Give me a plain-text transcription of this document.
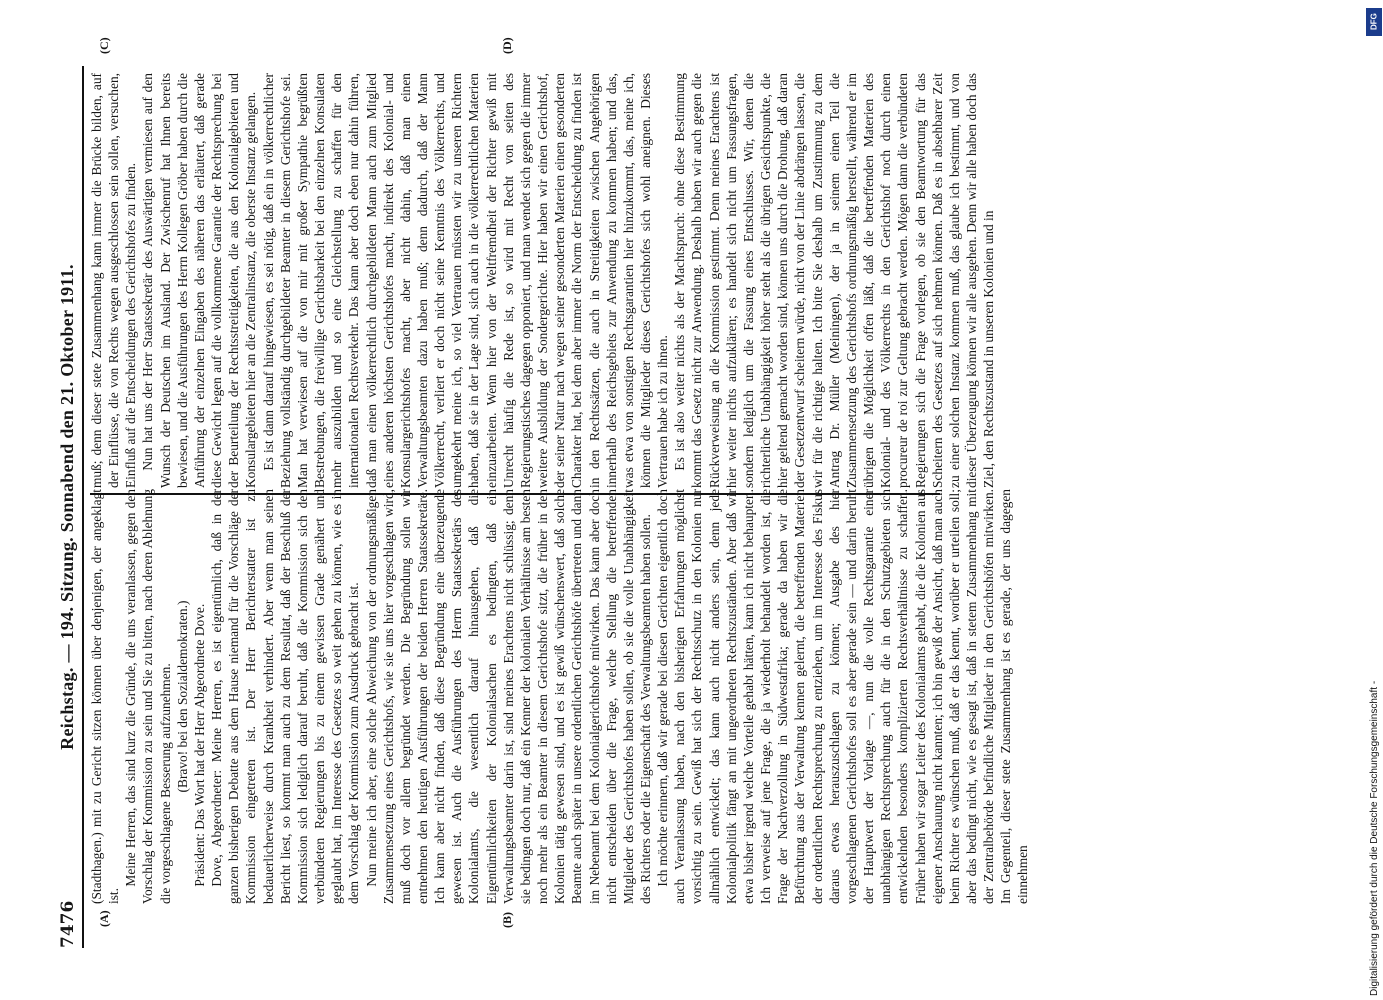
7476
Reichstag. — 194. Sitzung. Sonnabend den 21. Oktober 1911.
(A)	(B)
(C)	(D)

(Stadthagen.) mit zu Gericht sitzen können über denjenigen, der angeklagt ist.

Meine Herren, das sind kurz die Gründe, die uns veranlassen, gegen den Vorschlag der Kommission zu sein und Sie zu bitten, nach deren Ablehnung die vorgeschlagene Besserung aufzunehmen. (Bravo! bei den Sozialdemokraten.) Präsident: Das Wort hat der Herr Abgeordnete Dove. Dove, Abgeordneter: Meine Herren, es ist eigentümlich, daß in der ganzen bisherigen Debatte aus dem Hause niemand für die Vorschläge der Kommission eingetreten ist. Der Herr Berichterstatter ist zu bedauerlicherweise durch Krankheit verhindert. Aber wenn man seinen Bericht liest, so kommt man auch zu dem Resultat, daß der Beschluß der Kommission sich lediglich darauf beruht, daß die Kommission sich den verbündeten Regierungen bis zu einem gewissen Grade genähert und geglaubt hat, im Interesse des Gesetzes so weit gehen zu können, wie es in dem Vorschlag der Kommission zum Ausdruck gebracht ist. Nun meine ich aber, eine solche Abweichung von der ordnungsmäßigen Zusammensetzung eines Gerichtshofs, wie sie uns hier vorgeschlagen wird, muß doch vor allem begründet werden. Die Begründung sollen wir entnehmen den heutigen Ausführungen der beiden Herren Staatssekretäre. Ich kann aber nicht finden, daß diese Begründung eine überzeugende gewesen ist. Auch die Ausführungen des Herrn Staatssekretärs des Kolonialamts, die wesentlich darauf hinausgehen, daß die Eigentümlichkeiten der Kolonialsachen es bedingten, daß ein Verwaltungsbeamter darin ist, sind meines Erachtens nicht schlüssig; denn sie bedingen doch nur, daß ein Kenner der kolonialen Verhältnisse am besten noch mehr als ein Beamter in diesem Gerichtshofe sitzt, die früher in den Kolonien tätig gewesen sind, und es ist gewiß wünschenswert, daß solche Beamte auch später in unsere ordentlichen Gerichtshöfe übertreten und dann im Nebenamt bei dem Kolonialgerichtshofe mitwirken. Das kann aber doch nicht entscheiden über die Frage, welche Stellung die betreffenden Mitglieder des Gerichtshofes haben sollen, ob sie die volle Unabhängigkeit des Richters oder die Eigenschaft des Verwaltungsbeamten haben sollen. Ich möchte erinnern, daß wir gerade bei diesen Gerichten eigentlich doch auch Veranlassung haben, nach den bisherigen Erfahrungen möglichst vorsichtig zu sein. Gewiß hat sich der Rechtsschutz in den Kolonien nur allmählich entwickelt; das kann auch nicht anders sein, denn jede Kolonialpolitik fängt an mit ungeordneten Rechtszuständen. Aber daß wir etwa bisher irgend welche Vorteile gehabt hätten, kann ich nicht behaupten. Ich verweise auf jene Frage, die ja wiederholt behandelt worden ist, die Frage der Nachverzollung in Südwestafrika; gerade da haben wir die Befürchtung aus der Verwaltung kennen gelernt, die betreffenden Materien der ordentlichen Rechtsprechung zu entziehen, um im Interesse des Fiskus daraus etwas herauszuschlagen zu können; Ausgabe des hier vorgeschlagenen Gerichtshofes soll es aber gerade sein — und darin beruht der Hauptwert der Vorlage —, nun die volle Rechtsgarantie einer unabhängigen Rechtsprechung auch für die in den Schutzgebieten sich entwickelnden besonders komplizierten Rechtsverhältnisse zu schaffen. Früher haben wir sogar Leiter des Kolonialamts gehabt, die die Kolonien aus eigener Anschauung nicht kannten; ich bin gewiß der Ansicht, daß man auch beim Richter es wünschen muß, daß er das kennt, worüber er urteilen soll; aber das bedingt nicht, wie es gesagt ist, daß in stetem Zusammenhang mit der Zentralbehörde befindliche Mitglieder in den Gerichtshöfen mitwirken. Im Gegenteil, dieser stete Zusammenhang ist es gerade, der uns dagegen einnehmen

muß; denn dieser stete Zusammenhang kann immer die Brücke bilden, auf der Einflüsse, die von Rechts wegen ausgeschlossen sein sollen, versuchen, Einfluß auf die Entscheidungen des Gerichtshofes zu finden. Nun hat uns der Herr Staatssekretär des Auswärtigen vermiesen auf den Wunsch der Deutschen im Ausland. Der Zwischenruf hat Ihnen bereits bewiesen, und die Ausführungen des Herrn Kollegen Gröber haben durch die Anführung der einzelnen Eingaben des näheren das erläutert, daß gerade diese Gewicht legen auf die vollkommene Garantie der Rechtsprechung bei der Beurteilung der Rechtsstreitigkeiten, die aus den Kolonialgebieten und Konsulargebieten hier an die Zentralinstanz, die oberste Instanz gelangen. Es ist dann darauf hingewiesen, es sei nötig, daß ein in völkerrechtlicher Beziehung vollständig durchgebildeter Beamter in diesem Gerichtshofe sei. Man hat verwiesen auf die von mir mit großer Sympathie begrüßten Bestrebungen, die freiwillige Gerichtsbarkeit bei den einzelnen Konsulaten mehr auszubilden und so eine Gleichstellung zu schaffen für den internationalen Rechtsverkehr. Das kann aber doch eben nur dahin führen, daß man einen völkerrechtlich durchgebildeten Mann auch zum Mitglied eines anderen höchsten Gerichtshofes macht, indirekt des Kolonial- und Konsulargerichtshofes macht, aber nicht dahin, daß man einen Verwaltungsbeamten dazu haben muß; denn dadurch, daß der Mann Völkerrecht, verliert er doch nicht seine Kenntnis des Völkerrechts, und umgekehrt meine ich, so viel Vertrauen müssten wir zu unseren Richtern haben, daß sie in der Lage sind, sich auch in die völkerrechtlichen Materien einzuarbeiten. Wenn hier von der Weltfremdheit der Richter gewiß mit Unrecht häufig die Rede ist, so wird mit Recht von seiten des Regierungstisches dagegen opponiert, und man wendet sich gegen die immer weitere Ausbildung der Sondergerichte. Hier haben wir einen Gerichtshof, der seiner Natur nach wegen seiner gesonderten Materien einen gesonderten Charakter hat, bei dem aber immer die Norm der Entscheidung zu finden ist in den Rechtssätzen, die auch in Streitigkeiten zwischen Angehörigen innerhalb des Reichsgebiets zur Anwendung zu kommen haben; und das, was etwa von sonstigen Rechtsgarantien hier hinzukommt, das, meine ich, können die Mitglieder dieses Gerichtshofes sich wohl aneignen. Dieses Vertrauen habe ich zu ihnen. Es ist also weiter nichts als der Machtspruch: ohne diese Bestimmung kommt das Gesetz nicht zur Anwendung. Deshalb haben wir auch gegen die Rückverweisung an die Kommission gestimmt. Denn meines Erachtens ist hier weiter nichts aufzuklären; es handelt sich nicht um Fassungsfragen, sondern lediglich um die Fassung eines Entschlusses. Wir, denen die richterliche Unabhängigkeit höher steht als die übrigen Gesichtspunkte, die hier geltend gemacht worden sind, können uns durch die Drohung, daß daran der Gesetzentwurf scheitern würde, nicht von der Linie abdrängen lassen, die wir für die richtige halten. Ich bitte Sie deshalb um Zustimmung zu dem Antrag Dr. Müller (Meiningen), der ja in seinem einen Teil die Zusammensetzung des Gerichtshofs ordnungsmäßig herstellt, während er im übrigen die Möglichkeit offen läßt, daß die betreffenden Materien des Kolonial- und des Völkerrechts in den Gerichtshof noch durch einen procureur de roi zur Geltung gebracht werden. Mögen dann die verbündeten Regierungen sich die Frage vorlegen, ob sie den Beamtwortung für das Scheitern des Gesetzes auf sich nehmen können. Daß es in absehbarer Zeit zu einer solchen Instanz kommen muß, das glaube ich bestimmt, und von dieser Überzeugung können wir alle ausgehen. Denn wir alle haben doch das Ziel, den Rechtszustand in unseren Kolonien und in

Digitalisierung gefördert durch die Deutsche Forschungsgemeinschaft -
DFG
